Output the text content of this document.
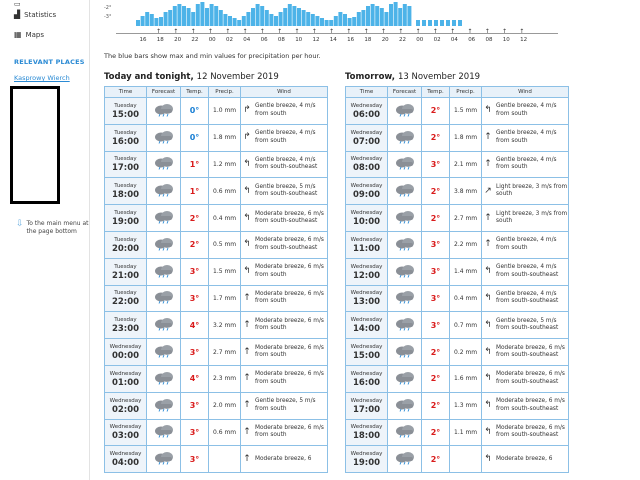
▭
▟ Statistics
▦ Maps
RELEVANT PLACES
Kasprowy Wierch
⇩ To the main menu at the page bottom
-2°
-3°
↑ ↑ ↑ ↑ ↑ ↑ ↑ ↑ ↑ ↑ ↑ ↑ ↑ ↑ ↑ ↑ ↑ ↑ ↑ ↑ ↑ ↑
16	18	20	22	00	02	04	06	08	10	12	14	16	18	20	22	00	02	04	06	08	10	12
The blue bars show max and min values for precipitation per hour.
Today and tonight, 12 November 2019
Time	Forecast	Temp.	Precip.	Wind

Tuesday
15:00		0°	1.0 mm	↱ Gentle breeze, 4 m/s from south

Tuesday
16:00		0°	1.8 mm	↱ Gentle breeze, 4 m/s from south

Tuesday
17:00		1°	1.2 mm	↰ Gentle breeze, 4 m/s from south-southeast

Tuesday
18:00		1°	0.6 mm	↰ Gentle breeze, 5 m/s from south-southeast

Tuesday
19:00		2°	0.4 mm	↰ Moderate breeze, 6 m/s from south-southeast

Tuesday
20:00		2°	0.5 mm	↰ Moderate breeze, 6 m/s from south-southeast

Tuesday
21:00		3°	1.5 mm	↰ Moderate breeze, 6 m/s from south

Tuesday
22:00		3°	1.7 mm	↑ Moderate breeze, 6 m/s from south

Tuesday
23:00		4°	3.2 mm	↑ Moderate breeze, 6 m/s from south

Wednesday
00:00		3°	2.7 mm	↑ Moderate breeze, 6 m/s from south

Wednesday
01:00		4°	2.3 mm	↑ Moderate breeze, 6 m/s from south

Wednesday
02:00		3°	2.0 mm	↑ Gentle breeze, 5 m/s from south

Wednesday
03:00		3°	0.6 mm	↑ Moderate breeze, 6 m/s from south

Wednesday
04:00		3°		↑ Moderate breeze, 6
Tomorrow, 13 November 2019
Time	Forecast	Temp.	Precip.	Wind

Wednesday
06:00		2°	1.5 mm	↰ Gentle breeze, 4 m/s from south

Wednesday
07:00		2°	1.8 mm	↑ Gentle breeze, 4 m/s from south

Wednesday
08:00		3°	2.1 mm	↑ Gentle breeze, 4 m/s from south

Wednesday
09:00		2°	3.8 mm	↗ Light breeze, 3 m/s from south

Wednesday
10:00		2°	2.7 mm	↑ Light breeze, 3 m/s from south

Wednesday
11:00		3°	2.2 mm	↑ Gentle breeze, 4 m/s from south

Wednesday
12:00		3°	1.4 mm	↰ Gentle breeze, 4 m/s from south-southeast

Wednesday
13:00		3°	0.4 mm	↰ Gentle breeze, 4 m/s from south-southeast

Wednesday
14:00		3°	0.7 mm	↰ Gentle breeze, 5 m/s from south-southeast

Wednesday
15:00		2°	0.2 mm	↰ Moderate breeze, 6 m/s from south-southeast

Wednesday
16:00		2°	1.6 mm	↰ Moderate breeze, 6 m/s from south-southeast

Wednesday
17:00		2°	1.3 mm	↰ Moderate breeze, 6 m/s from south-southeast

Wednesday
18:00		2°	1.1 mm	↰ Moderate breeze, 6 m/s from south-southeast

Wednesday
19:00		2°		↰ Moderate breeze, 6
